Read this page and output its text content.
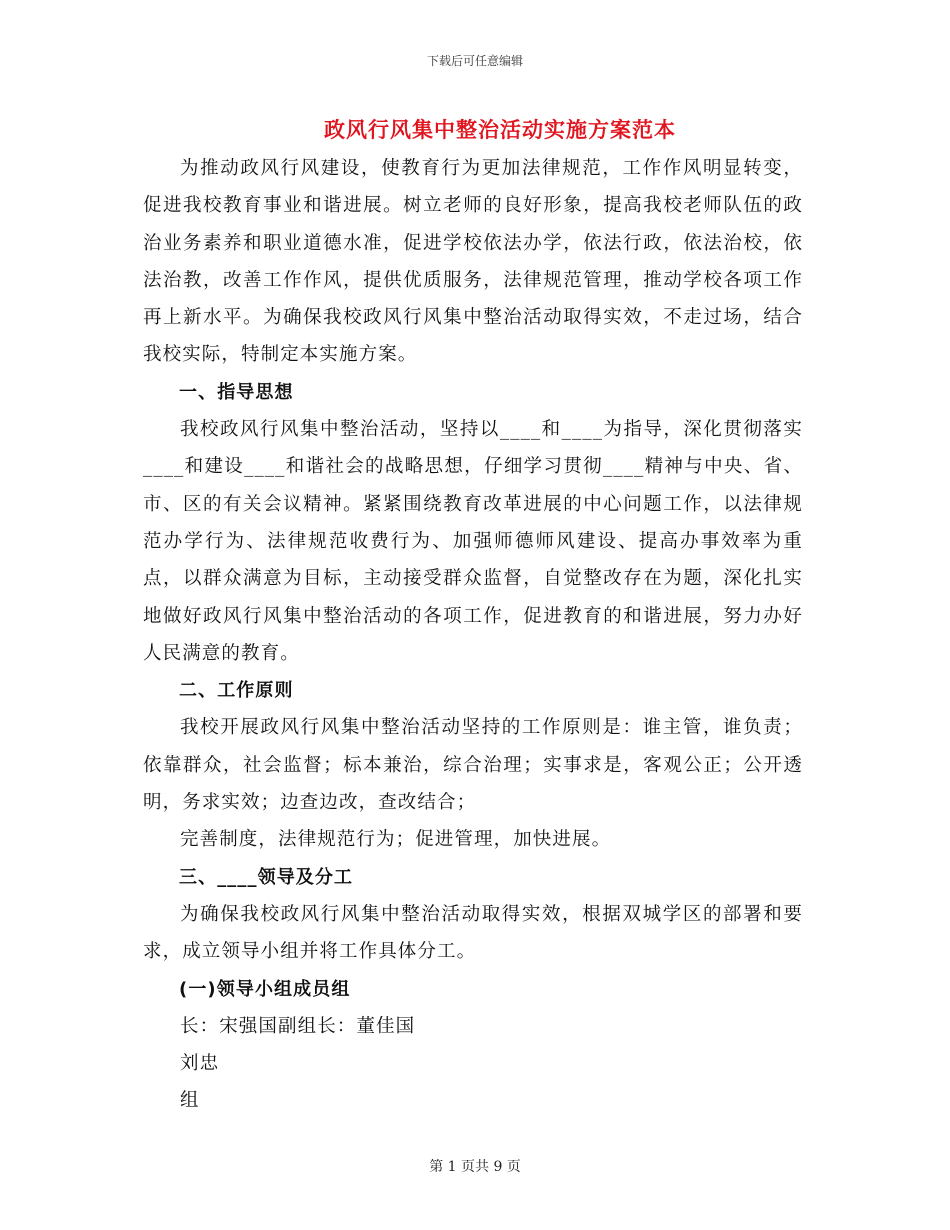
下载后可任意编辑
政风行风集中整治活动实施方案范本

为推动政风行风建设，使教育行为更加法律规范，工作作风明显转变，促进我校教育事业和谐进展。树立老师的良好形象，提高我校老师队伍的政治业务素养和职业道德水准，促进学校依法办学，依法行政，依法治校，依法治教，改善工作作风，提供优质服务，法律规范管理，推动学校各项工作再上新水平。为确保我校政风行风集中整治活动取得实效，不走过场，结合我校实际，特制定本实施方案。

一、指导思想

我校政风行风集中整治活动，坚持以____和____为指导，深化贯彻落实____和建设____和谐社会的战略思想，仔细学习贯彻____精神与中央、省、市、区的有关会议精神。紧紧围绕教育改革进展的中心问题工作，以法律规范办学行为、法律规范收费行为、加强师德师风建设、提高办事效率为重点，以群众满意为目标，主动接受群众监督，自觉整改存在为题，深化扎实地做好政风行风集中整治活动的各项工作，促进教育的和谐进展，努力办好人民满意的教育。

二、工作原则

我校开展政风行风集中整治活动坚持的工作原则是：谁主管，谁负责；依靠群众，社会监督；标本兼治，综合治理；实事求是，客观公正；公开透明，务求实效；边查边改，查改结合；

完善制度，法律规范行为；促进管理，加快进展。

三、____领导及分工

为确保我校政风行风集中整治活动取得实效，根据双城学区的部署和要求，成立领导小组并将工作具体分工。

(一)领导小组成员组

长：宋强国副组长：董佳国

刘忠

组

第 1 页共 9 页
